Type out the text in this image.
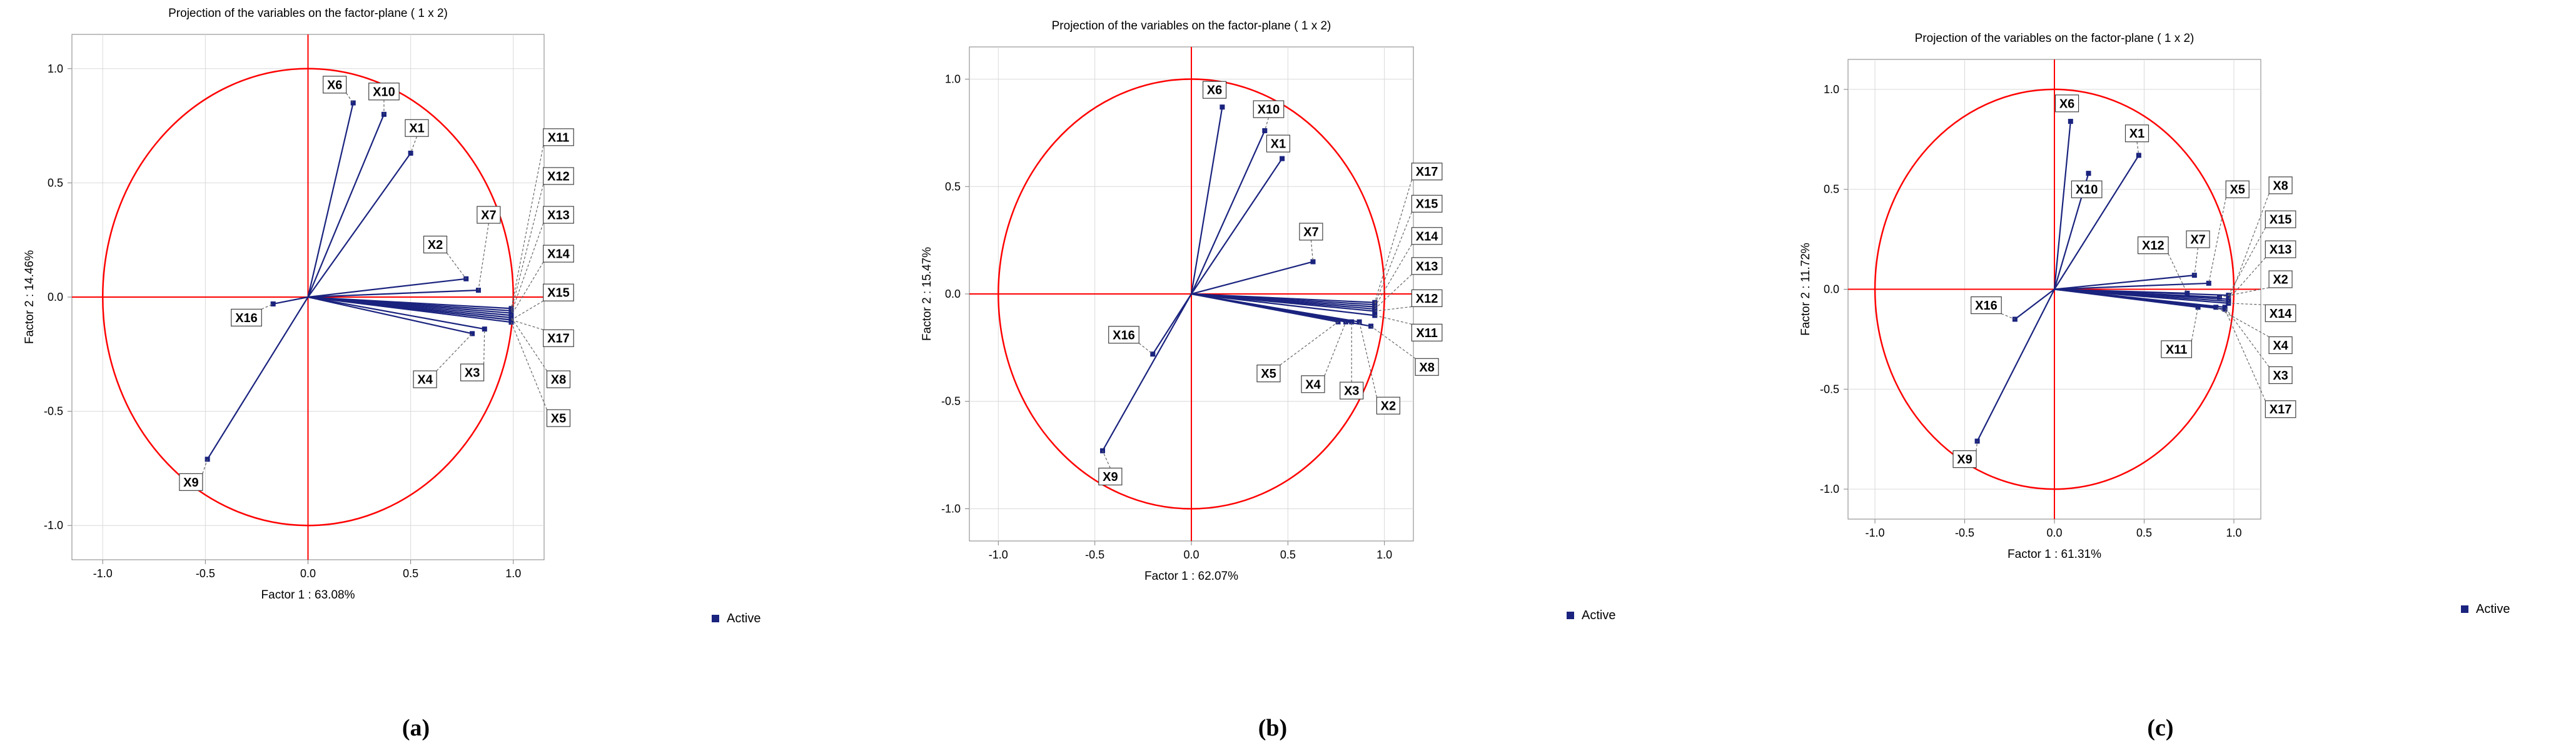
Projection of the variables on the factor-plane ( 1 x 2)
-1.0	-0.5	0.0	0.5	1.0
-1.0
-0.5
0.0
0.5
1.0
Factor 1 : 63.08%
Factor 2 : 14.46%
X6 X10
X1
X2
X7
X11
X12
X13
X14
X15
X17
X8
X5
X3
X4
X16
X9
Active
(a)
Projection of the variables on the factor-plane ( 1 x 2)
-1.0	-0.5	0.0	0.5	1.0
-1.0
-0.5
0.0
0.5
1.0
Factor 1 : 62.07%
Factor 2 : 15.47%
X6
X10
X1
X7
X17
X15
X14
X13
X12
X11
X8
X5
X4 X3
X2
X16
X9
Active
(b)
Projection of the variables on the factor-plane ( 1 x 2)
-1.0	-0.5	0.0	0.5	1.0
-1.0
-0.5
0.0
0.5
1.0
Factor 1 : 61.31%
Factor 2 : 11.72%
X6
X1
X10
X12 X7
X5 X8
X15
X13
X2
X14
X4
X3
X17
X11
X16
X9
Active
(c)
